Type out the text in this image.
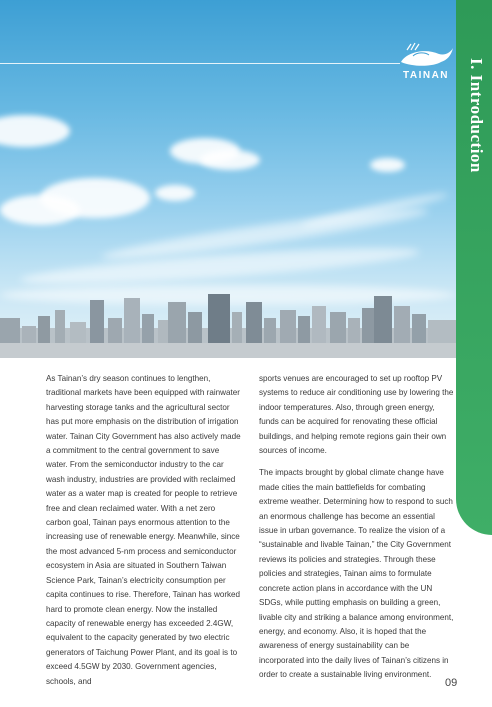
TAINAN I. Introduction

As Tainan’s dry season continues to lengthen, traditional markets have been equipped with rainwater harvesting storage tanks and the agricultural sector has put more emphasis on the distribution of irrigation water. Tainan City Government has also actively made a commitment to the central government to save water. From the semiconductor industry to the car wash industry, industries are provided with reclaimed water as a water map is created for people to retrieve free and clean reclaimed water. With a net zero carbon goal, Tainan pays enormous attention to the increasing use of renewable energy. Meanwhile, since the most advanced 5-nm process and semiconductor ecosystem in Asia are situated in Southern Taiwan Science Park, Tainan’s electricity consumption per capita continues to rise. Therefore, Tainan has worked hard to promote clean energy. Now the installed capacity of renewable energy has exceeded 2.4GW, equivalent to the capacity generated by two electric generators of Taichung Power Plant, and its goal is to exceed 4.5GW by 2030. Government agencies, schools, and

sports venues are encouraged to set up rooftop PV systems to reduce air conditioning use by lowering the indoor temperatures. Also, through green energy, funds can be acquired for renovating these official buildings, and helping remote regions gain their own sources of income.

The impacts brought by global climate change have made cities the main battlefields for combating extreme weather. Determining how to respond to such an enormous challenge has become an essential issue in urban governance. To realize the vision of a “sustainable and livable Tainan,” the City Government reviews its policies and strategies. Through these policies and strategies, Tainan aims to formulate concrete action plans in accordance with the UN SDGs, while putting emphasis on building a green, livable city and striking a balance among environment, energy, and economy. Also, it is hoped that the awareness of energy sustainability can be incorporated into the daily lives of Tainan’s citizens in order to create a sustainable living environment.

09
